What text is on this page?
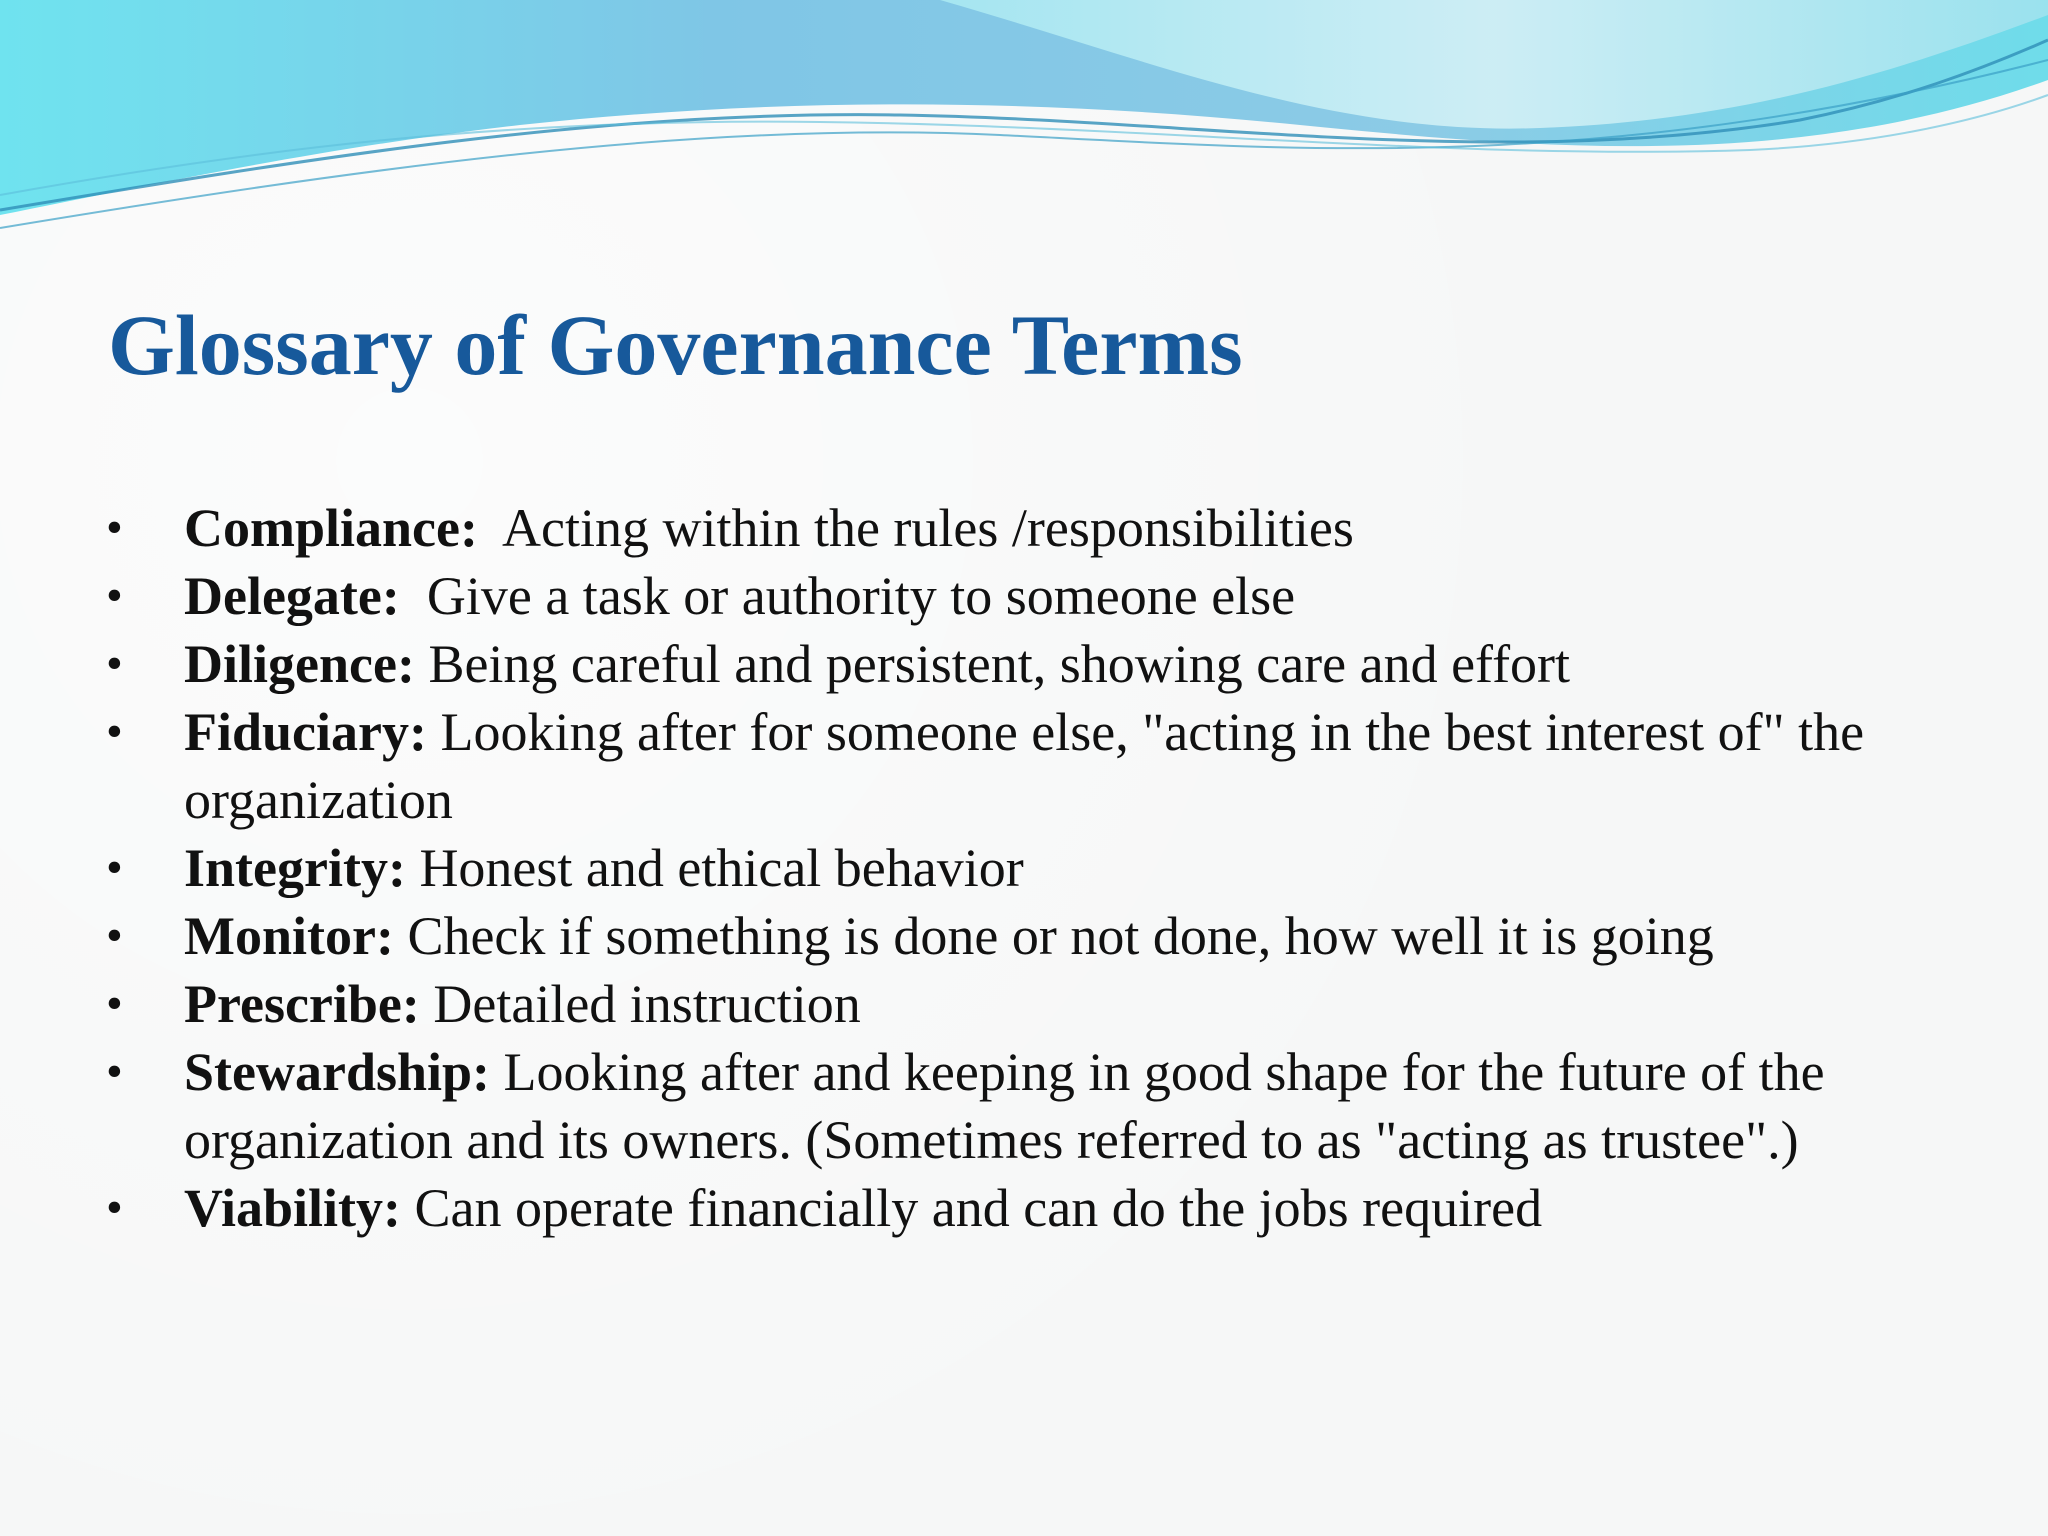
Glossary of Governance Terms
• Compliance:  Acting within the rules /responsibilities
• Delegate:  Give a task or authority to someone else
• Diligence: Being careful and persistent, showing care and effort
• Fiduciary: Looking after for someone else, "acting in the best interest of" the organization
• Integrity: Honest and ethical behavior
• Monitor: Check if something is done or not done, how well it is going
• Prescribe: Detailed instruction
• Stewardship: Looking after and keeping in good shape for the future of the organization and its owners. (Sometimes referred to as "acting as trustee".)
• Viability: Can operate financially and can do the jobs required
